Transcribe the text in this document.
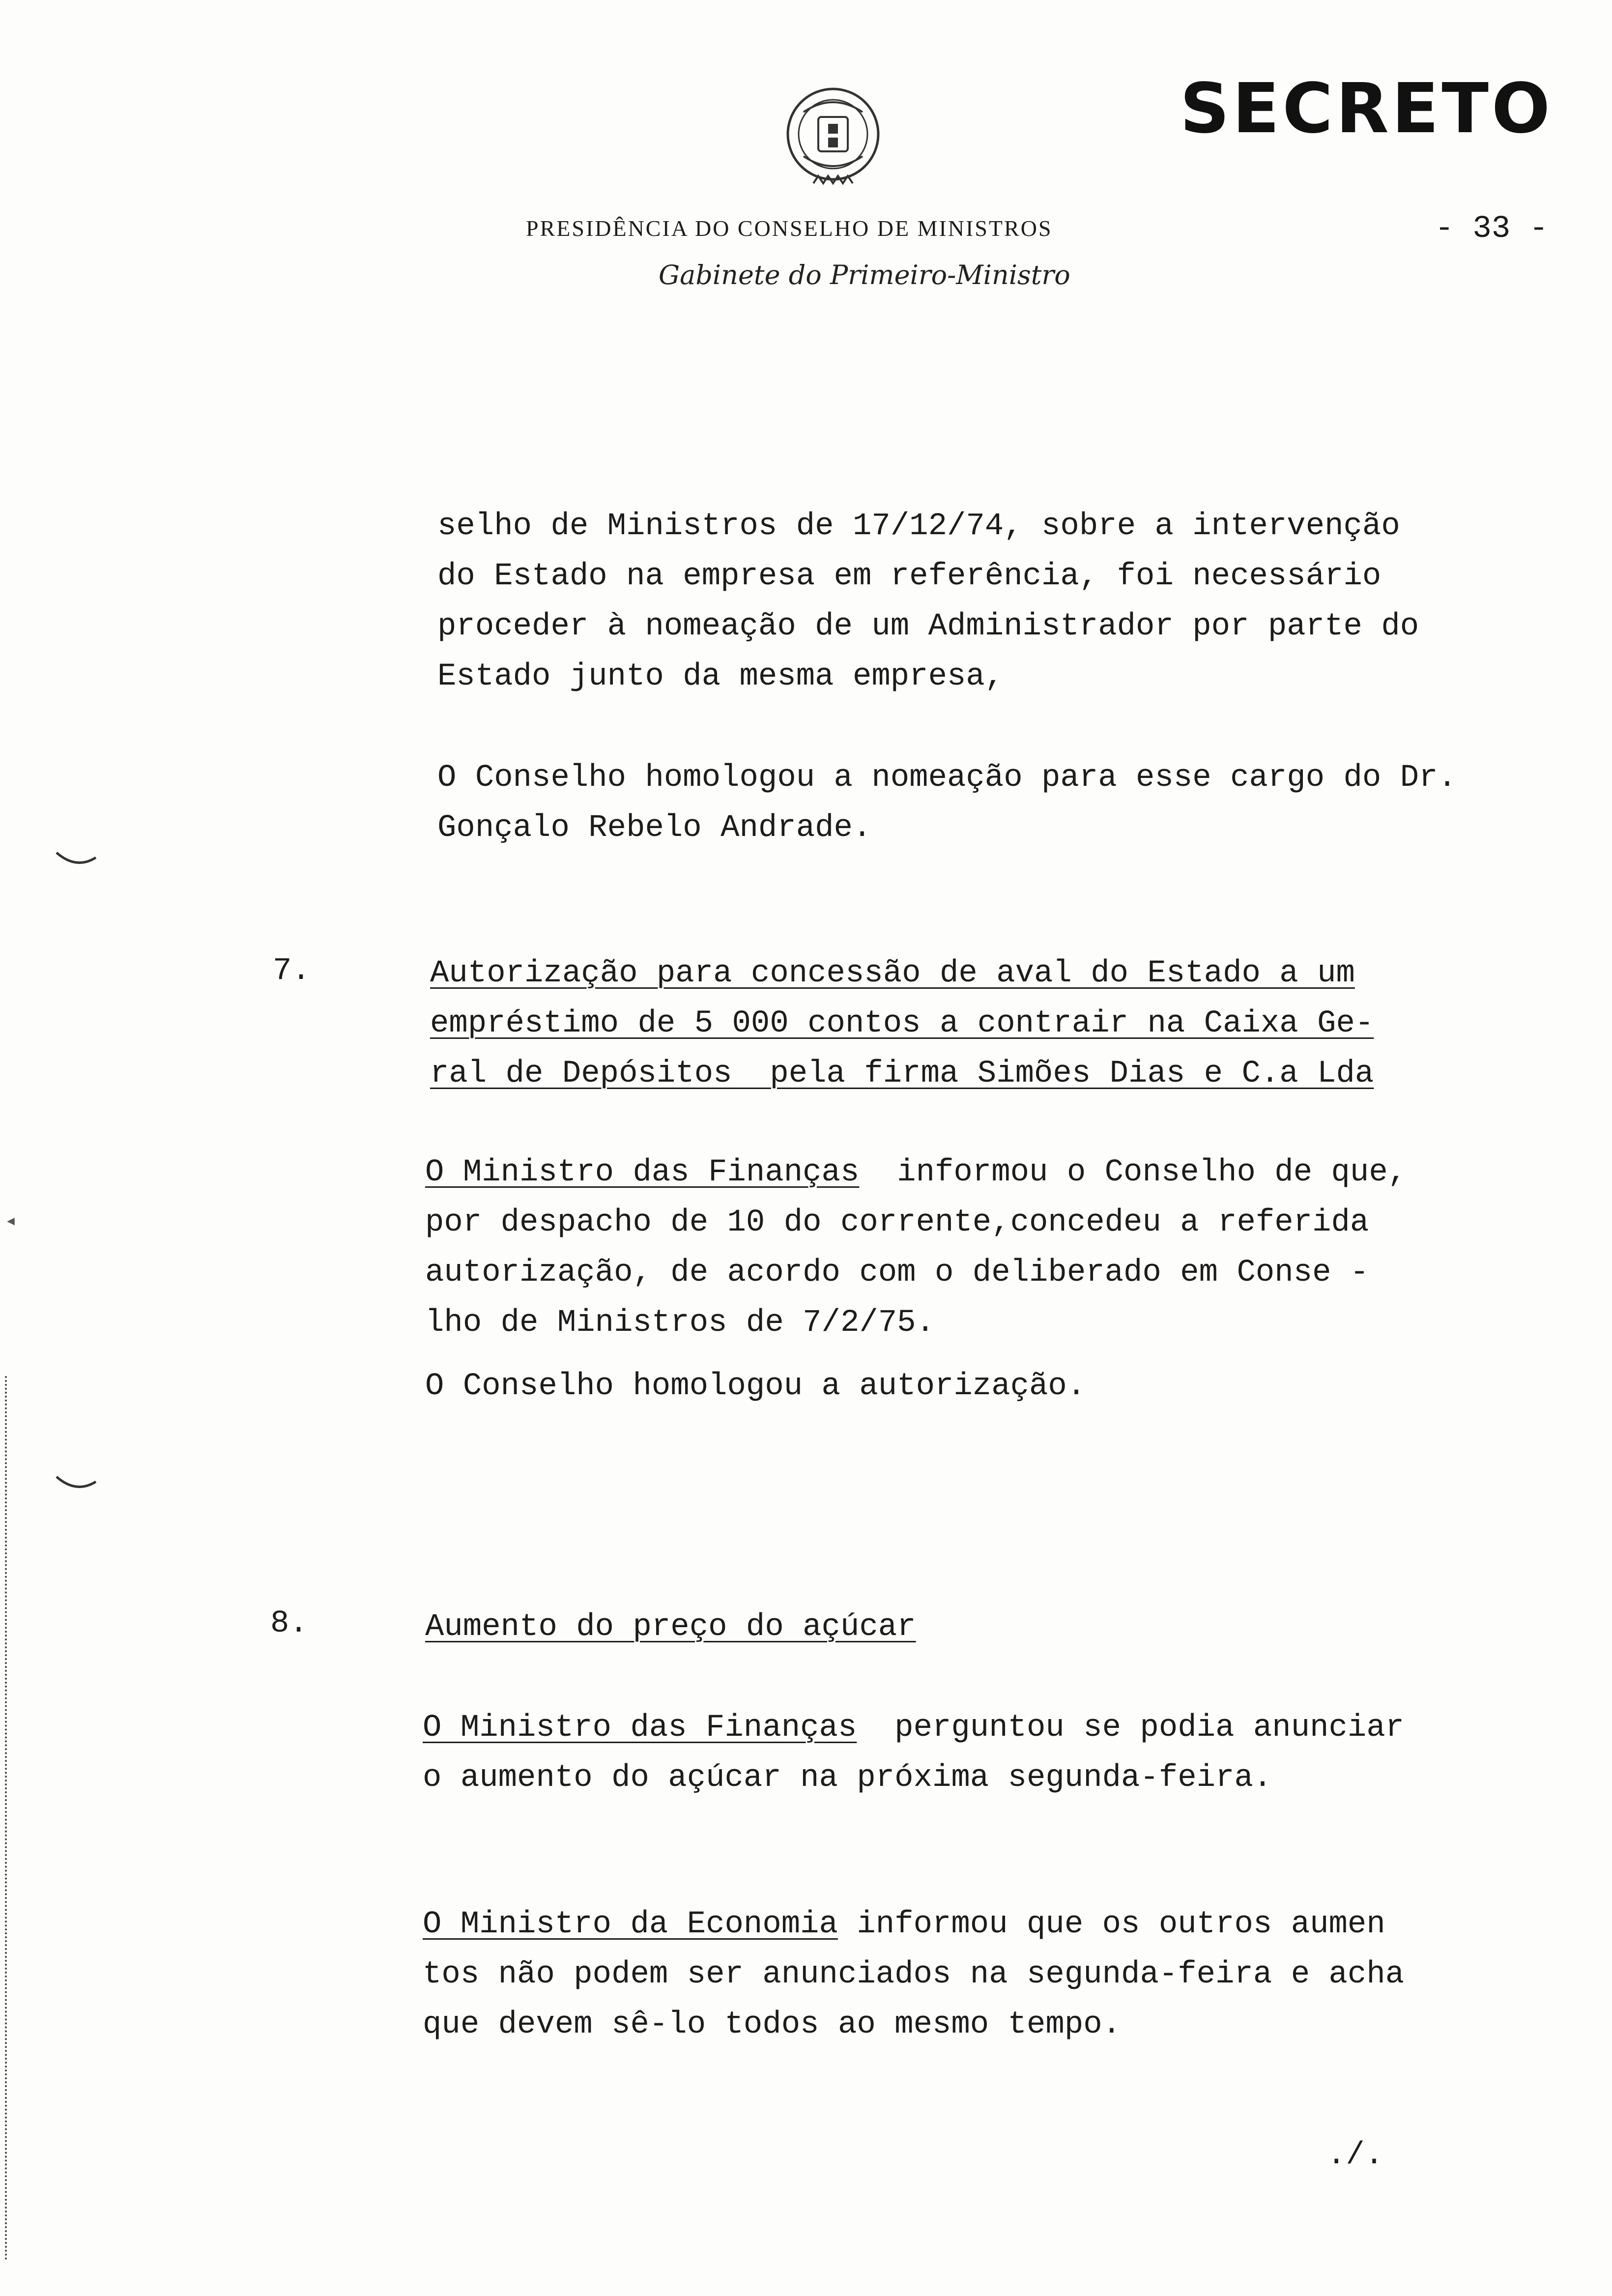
SECRETO
PRESIDÊNCIA DO CONSELHO DE MINISTROS	- 33 -
Gabinete do Primeiro-Ministro

selho de Ministros de 17/12/74, sobre a intervenção

do Estado na empresa em referência, foi necessário

proceder à nomeação de um Administrador por parte do

Estado junto da mesma empresa,

O Conselho homologou a nomeação para esse cargo do Dr.

Gonçalo Rebelo Andrade.

7.	Autorização para concessão de aval do Estado a um

empréstimo de 5 000 contos a contrair na Caixa Ge-

ral de Depósitos  pela firma Simões Dias e C.a Lda

O Ministro das Finanças  informou o Conselho de que,

por despacho de 10 do corrente,concedeu a referida

autorização, de acordo com o deliberado em Conse -

lho de Ministros de 7/2/75.

O Conselho homologou a autorização.

8.	Aumento do preço do açúcar

O Ministro das Finanças  perguntou se podia anunciar

o aumento do açúcar na próxima segunda-feira.

O Ministro da Economia informou que os outros aumen

tos não podem ser anunciados na segunda-feira e acha

que devem sê-lo todos ao mesmo tempo.

./.
◂
